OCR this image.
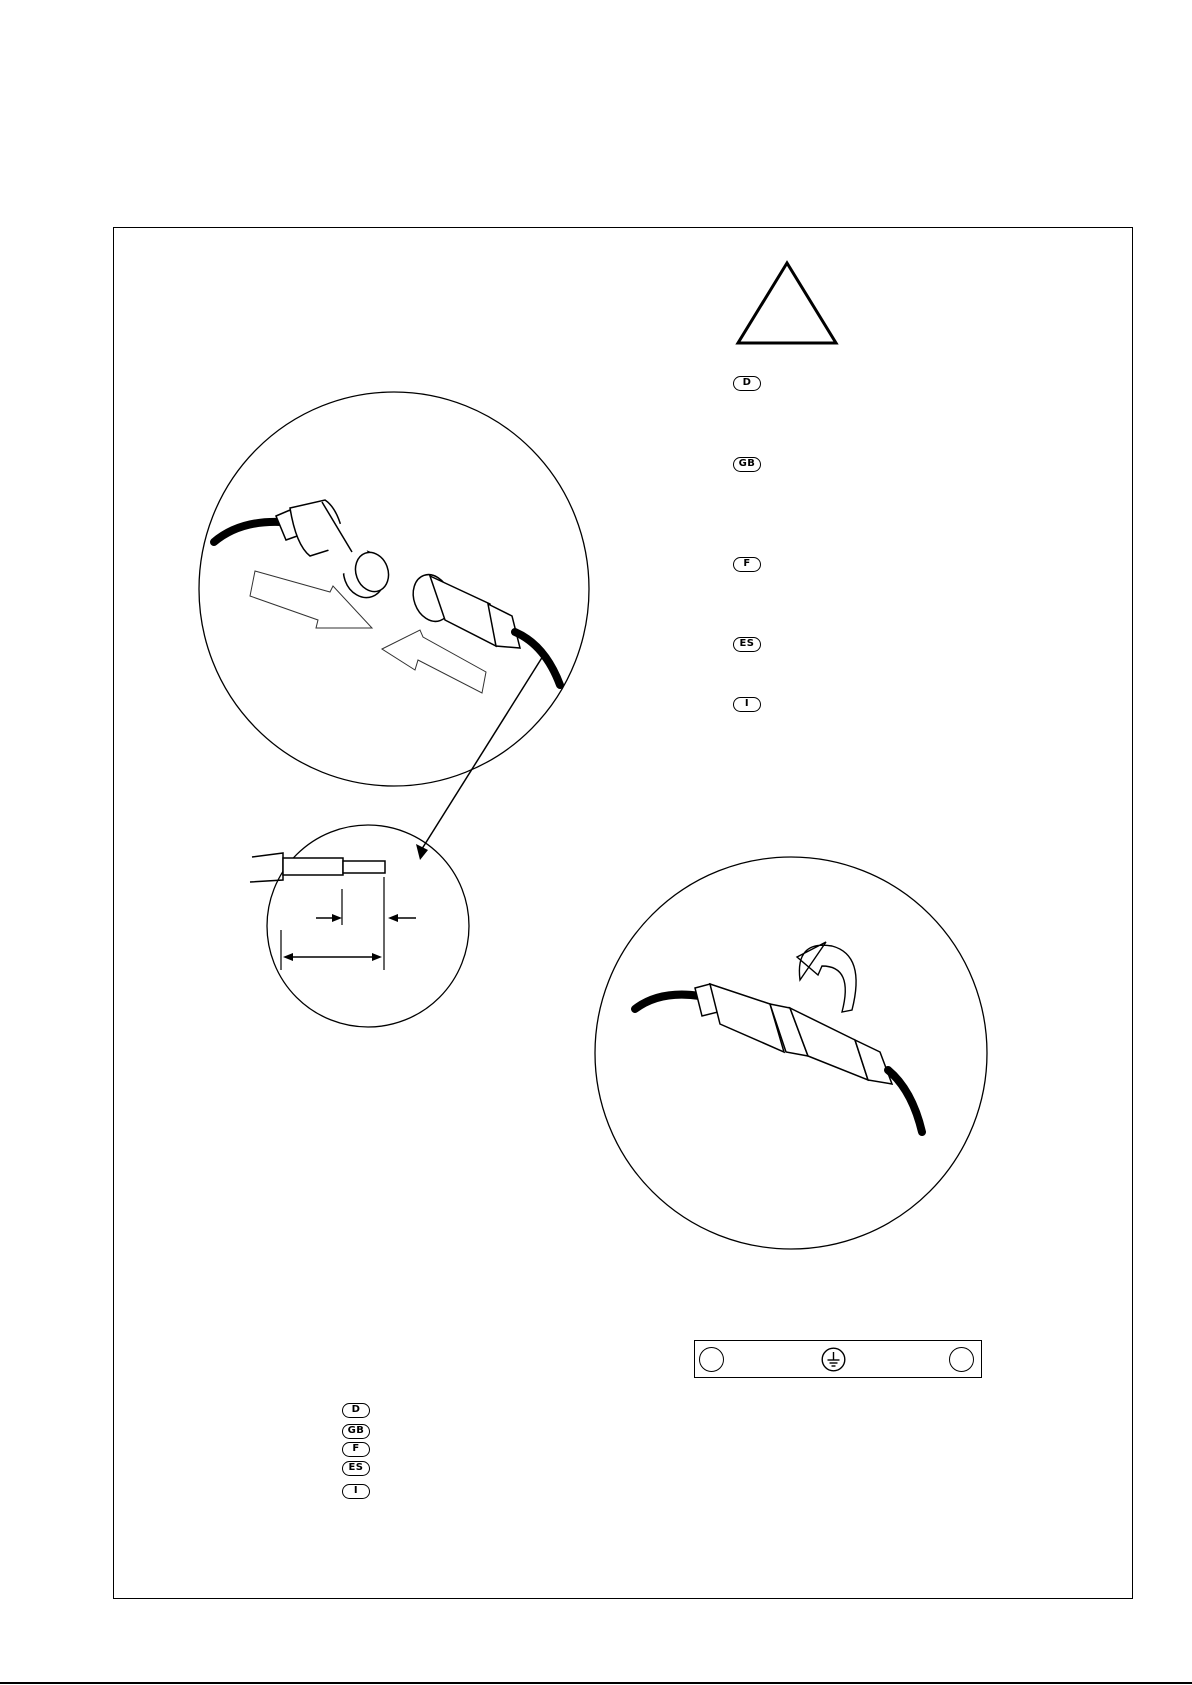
D
GB
F
ES
I
D
GB
F
ES
I
